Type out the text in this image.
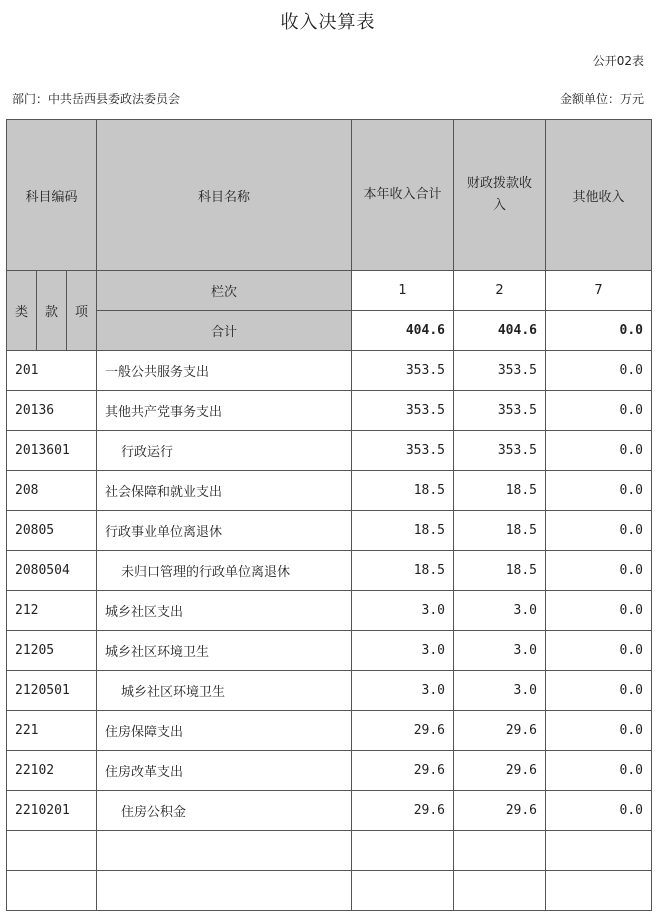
收入决算表
公开02表
部门：中共岳西县委政法委员会	金额单位：万元
科目编码			科目名称	本年收入合计	财政拨款收入	其他收入
类	款	项	栏次	1	2	7
			合计	404.6	404.6	0.0
201			一般公共服务支出	353.5	353.5	0.0
20136			其他共产党事务支出	353.5	353.5	0.0
2013601			行政运行	353.5	353.5	0.0
208			社会保障和就业支出	18.5	18.5	0.0
20805			行政事业单位离退休	18.5	18.5	0.0
2080504			未归口管理的行政单位离退休	18.5	18.5	0.0
212			城乡社区支出	3.0	3.0	0.0
21205			城乡社区环境卫生	3.0	3.0	0.0
2120501			城乡社区环境卫生	3.0	3.0	0.0
221			住房保障支出	29.6	29.6	0.0
22102			住房改革支出	29.6	29.6	0.0
2210201			住房公积金	29.6	29.6	0.0
